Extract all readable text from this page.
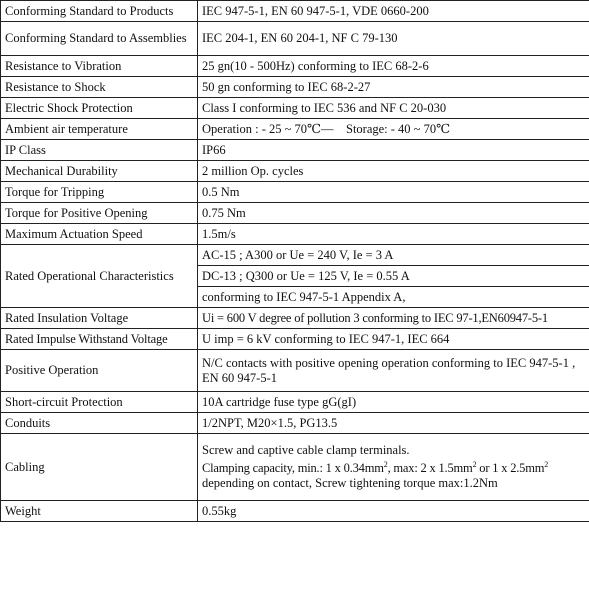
Conforming Standard to Products	IEC 947-5-1, EN 60 947-5-1, VDE 0660-200
Conforming Standard to Assemblies	IEC 204-1, EN 60 204-1, NF C 79-130
Resistance to Vibration	25 gn(10 - 500Hz) conforming to IEC 68-2-6
Resistance to Shock	50 gn conforming to IEC 68-2-27
Electric Shock Protection	Class I conforming to IEC 536 and NF C 20-030
Ambient air temperature	Operation : - 25 ~ 70℃—    Storage: - 40 ~ 70℃
IP Class	IP66
Mechanical Durability	2 million Op. cycles
Torque for Tripping	0.5 Nm
Torque for Positive Opening	0.75 Nm
Maximum Actuation Speed	1.5m/s
Rated Operational Characteristics	AC-15 ; A300 or Ue = 240 V, Ie = 3 A
	DC-13 ; Q300 or Ue = 125 V, Ie = 0.55 A
	conforming to IEC 947-5-1 Appendix A,
Rated Insulation Voltage	Ui = 600 V degree of pollution 3 conforming to IEC 97-1,EN60947-5-1
Rated Impulse Withstand Voltage	U imp = 6 kV conforming to IEC 947-1, IEC 664
Positive Operation	N/C contacts with positive opening operation conforming to IEC 947-5-1 , EN 60 947-5-1
Short-circuit Protection	10A cartridge fuse type gG(gI)
Conduits	1/2NPT, M20×1.5, PG13.5
Cabling	Screw and captive cable clamp terminals.
Clamping capacity, min.: 1 x $0.34mm^2$, max: 2 x $1.5mm^2$ or 1 x $2.5mm^2$
depending on contact, Screw tightening torque max:1.2Nm

Weight	0.55kg
